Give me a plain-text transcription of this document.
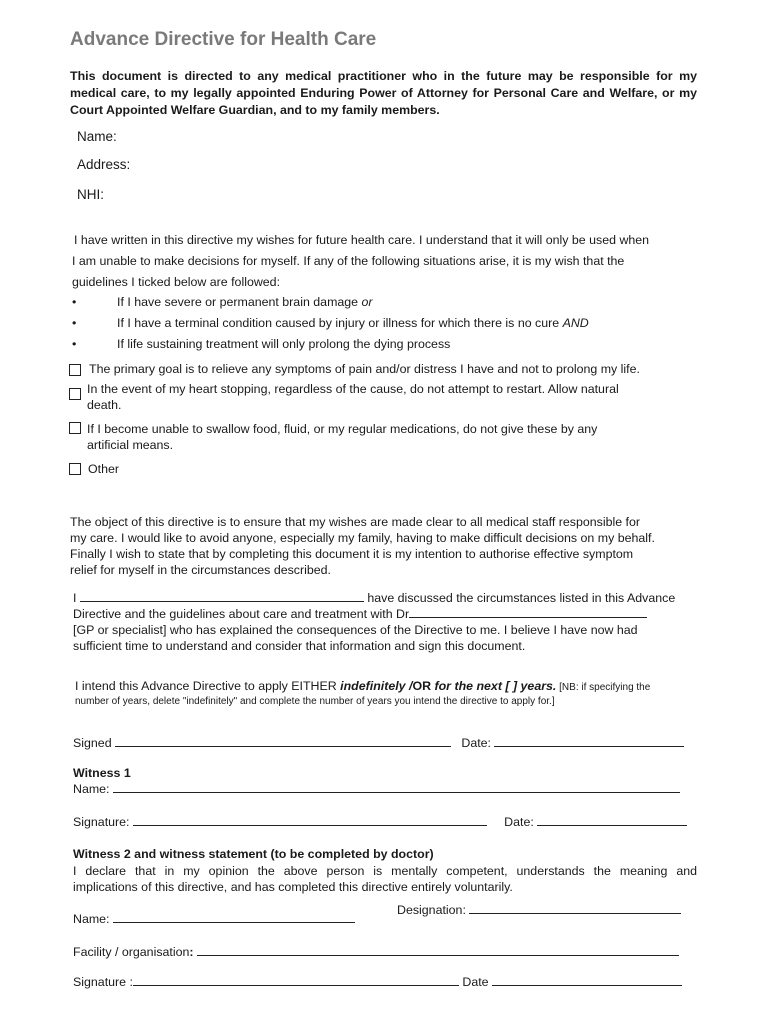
Advance Directive for Health Care
This document is directed to any medical practitioner who in the future may be responsible for my medical care, to my legally appointed Enduring Power of Attorney for Personal Care and Welfare, or my Court Appointed Welfare Guardian, and to my family members.
Name:
Address:
NHI:
I have written in this directive my wishes for future health care. I understand that it will only be used when
I am unable to make decisions for myself. If any of the following situations arise, it is my wish that the
guidelines I ticked below are followed:
•	If I have severe or permanent brain damage or
•	If I have a terminal condition caused by injury or illness for which there is no cure AND
•	If life sustaining treatment will only prolong the dying process
The primary goal is to relieve any symptoms of pain and/or distress I have and not to prolong my life.
In the event of my heart stopping, regardless of the cause, do not attempt to restart. Allow natural
death.
If I become unable to swallow food, fluid, or my regular medications, do not give these by any
artificial means.
Other
The object of this directive is to ensure that my wishes are made clear to all medical staff responsible for
my care. I would like to avoid anyone, especially my family, having to make difficult decisions on my behalf.
Finally I wish to state that by completing this document it is my intention to authorise effective symptom
relief for myself in the circumstances described.
I	have discussed the circumstances listed in this Advance
Directive and the guidelines about care and treatment with Dr
[GP or specialist] who has explained the consequences of the Directive to me. I believe I have now had
sufficient time to understand and consider that information and sign this document.
I intend this Advance Directive to apply EITHER indefinitely /OR for the next [ ] years. [NB: if specifying the
number of years, delete "indefinitely" and complete the number of years you intend the directive to apply for.]
Signed	Date:
Witness 1
Name:
Signature:	Date:
Witness 2 and witness statement (to be completed by doctor)
I declare that in my opinion the above person is mentally competent, understands the meaning and
implications of this directive, and has completed this directive entirely voluntarily.
Designation:
Name:
Facility / organisation:
Signature :	Date
